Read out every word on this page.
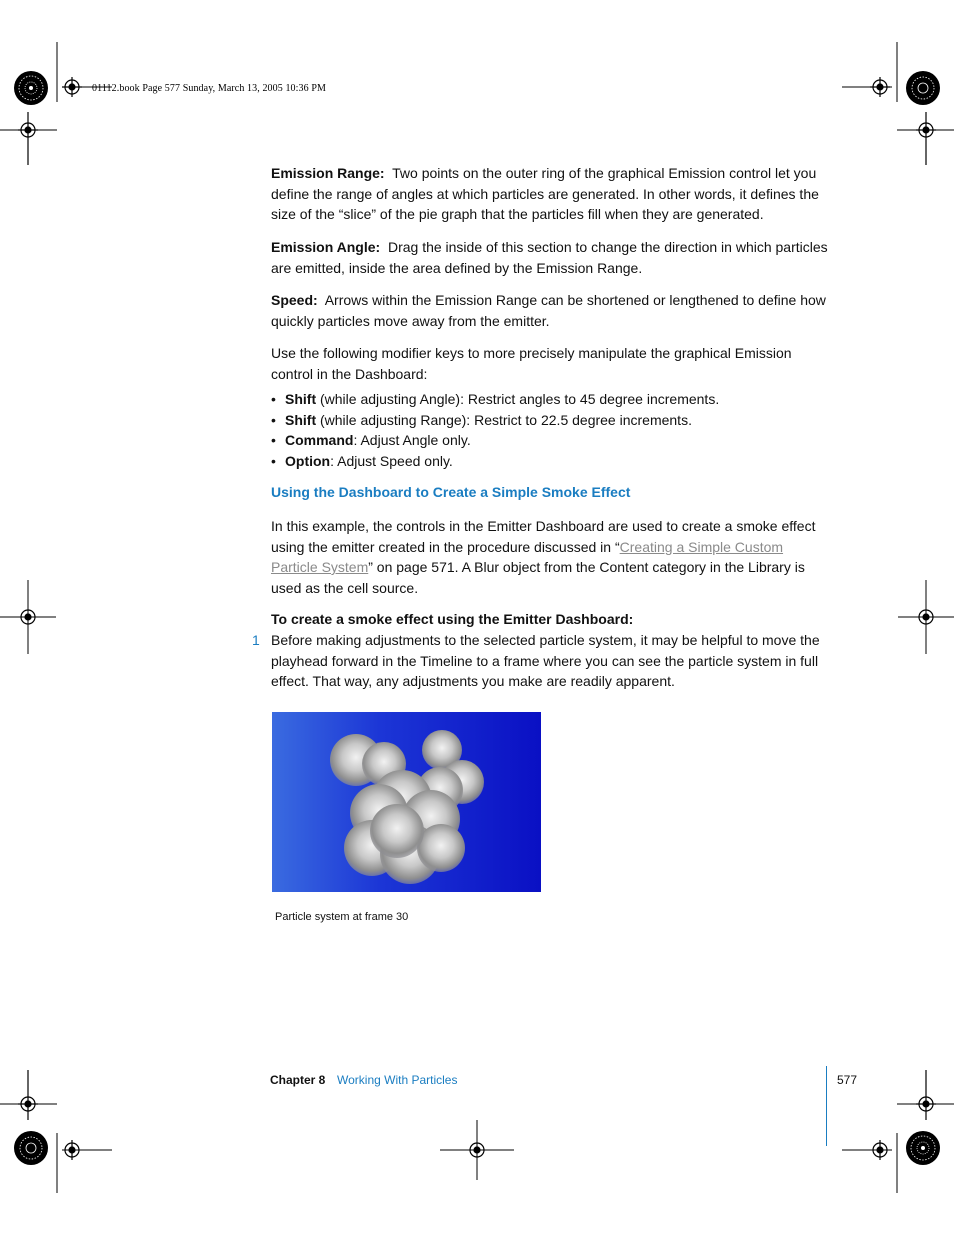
01112.book Page 577 Sunday, March 13, 2005 10:36 PM
Emission Range: Two points on the outer ring of the graphical Emission control let you define the range of angles at which particles are generated. In other words, it defines the size of the “slice” of the pie graph that the particles fill when they are generated.
Emission Angle: Drag the inside of this section to change the direction in which particles are emitted, inside the area defined by the Emission Range.
Speed: Arrows within the Emission Range can be shortened or lengthened to define how quickly particles move away from the emitter.
Use the following modifier keys to more precisely manipulate the graphical Emission control in the Dashboard:
• Shift (while adjusting Angle): Restrict angles to 45 degree increments.
• Shift (while adjusting Range): Restrict to 22.5 degree increments.
• Command: Adjust Angle only.
• Option: Adjust Speed only.
Using the Dashboard to Create a Simple Smoke Effect
In this example, the controls in the Emitter Dashboard are used to create a smoke effect using the emitter created in the procedure discussed in “Creating a Simple Custom Particle System” on page 571. A Blur object from the Content category in the Library is used as the cell source.
To create a smoke effect using the Emitter Dashboard:
1 Before making adjustments to the selected particle system, it may be helpful to move the playhead forward in the Timeline to a frame where you can see the particle system in full effect. That way, any adjustments you make are readily apparent.
Particle system at frame 30
Chapter 8 Working With Particles	577
